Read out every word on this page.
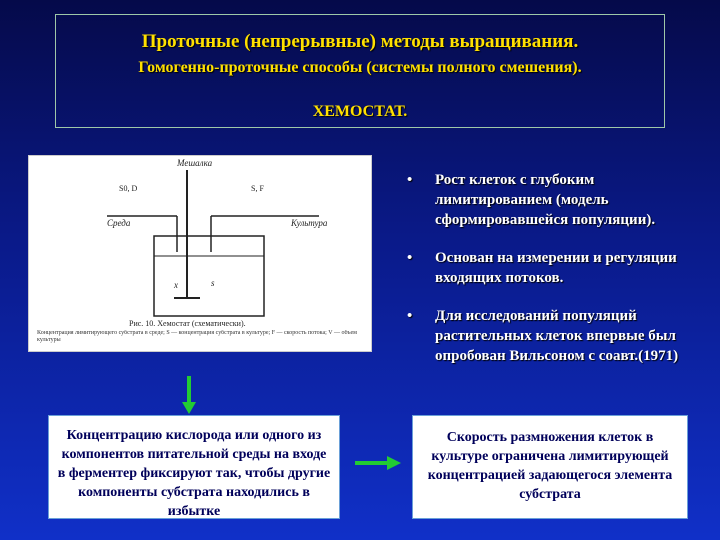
Проточные (непрерывные) методы выращивания.
Гомогенно-проточные способы (системы полного смешения).
ХЕМОСТАТ.
Мешалка
S0, D
Среда
S, F
Культура
x	s
Рис. 10. Хемостат (схематически).
Концентрация лимитирующего субстрата в среде; S — концентрация субстрата в культуре; F — скорость потока; V — объем культуры
• Рост клеток с глубоким лимитированием (модель сформировавшейся популяции).
• Основан на измерении и регуляции входящих потоков.
• Для исследований популяций растительных клеток впервые был опробован Вильсоном с соавт.(1971)
Концентрацию кислорода или одного из компонентов питательной среды на входе в ферментер фиксируют так, чтобы другие компоненты субстрата находились в избытке
Скорость размножения клеток в культуре ограничена лимитирующей концентрацией задающегося элемента субстрата
